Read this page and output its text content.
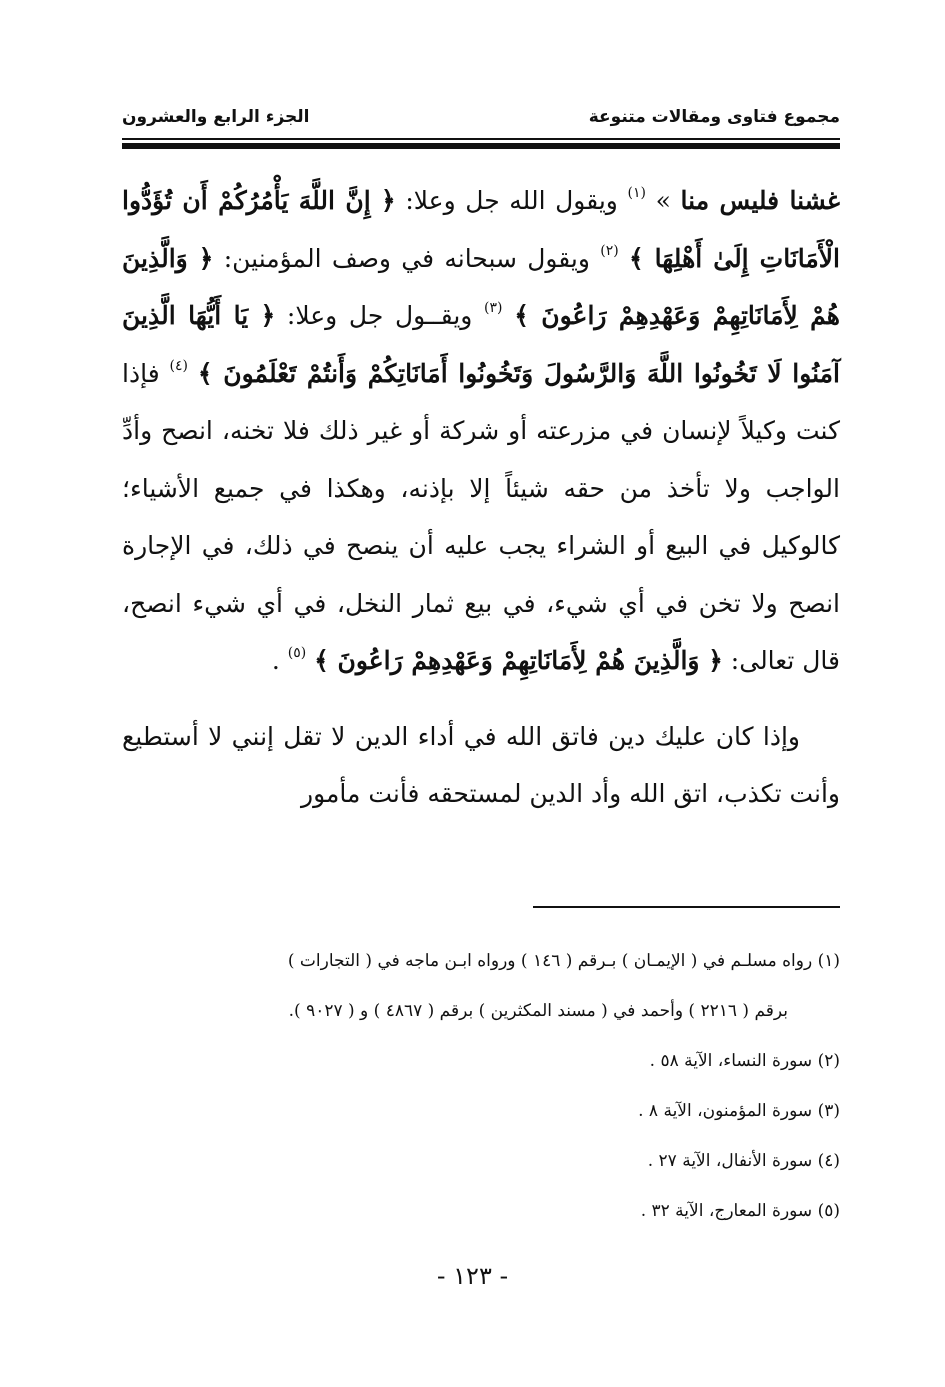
مجموع فتاوى ومقالات متنوعة
الجزء الرابع والعشرون

غشنا فليس منا » $^{(١)}$ ويقول الله جل وعلا: ﴿ إِنَّ اللَّهَ يَأْمُرُكُمْ أَن تُؤَدُّوا الْأَمَانَاتِ إِلَىٰ أَهْلِهَا ﴾ $^{(٢)}$ ويقول سبحانه في وصف المؤمنين: ﴿ وَالَّذِينَ هُمْ لِأَمَانَاتِهِمْ وَعَهْدِهِمْ رَاعُونَ ﴾ $^{(٣)}$ ويقــول جل وعلا: ﴿ يَا أَيُّهَا الَّذِينَ آمَنُوا لَا تَخُونُوا اللَّهَ وَالرَّسُولَ وَتَخُونُوا أَمَانَاتِكُمْ وَأَنتُمْ تَعْلَمُونَ ﴾ $^{(٤)}$ فإذا كنت وكيلاً لإنسان في مزرعته أو شركة أو غير ذلك فلا تخنه، انصح وأدِّ الواجب ولا تأخذ من حقه شيئاً إلا بإذنه، وهكذا في جميع الأشياء؛ كالوكيل في البيع أو الشراء يجب عليه أن ينصح في ذلك، في الإجارة انصح ولا تخن في أي شيء، في بيع ثمار النخل، في أي شيء انصح، قال تعالى: ﴿ وَالَّذِينَ هُمْ لِأَمَانَاتِهِمْ وَعَهْدِهِمْ رَاعُونَ ﴾ $^{(٥)}$ .

وإذا كان عليك دين فاتق الله في أداء الدين لا تقل إنني لا أستطيع وأنت تكذب، اتق الله وأد الدين لمستحقه فأنت مأمور

(١) رواه مسلـم في ( الإيمـان ) بـرقم ( ١٤٦ ) ورواه ابـن ماجه في ( التجارات )
برقم ( ٢٢١٦ ) وأحمد في ( مسند المكثرين ) برقم ( ٤٨٦٧ ) و ( ٩٠٢٧ ).
(٢) سورة النساء، الآية ٥٨ .
(٣) سورة المؤمنون، الآية ٨ .
(٤) سورة الأنفال، الآية ٢٧ .
(٥) سورة المعارج، الآية ٣٢ .
- ١٢٣ -
